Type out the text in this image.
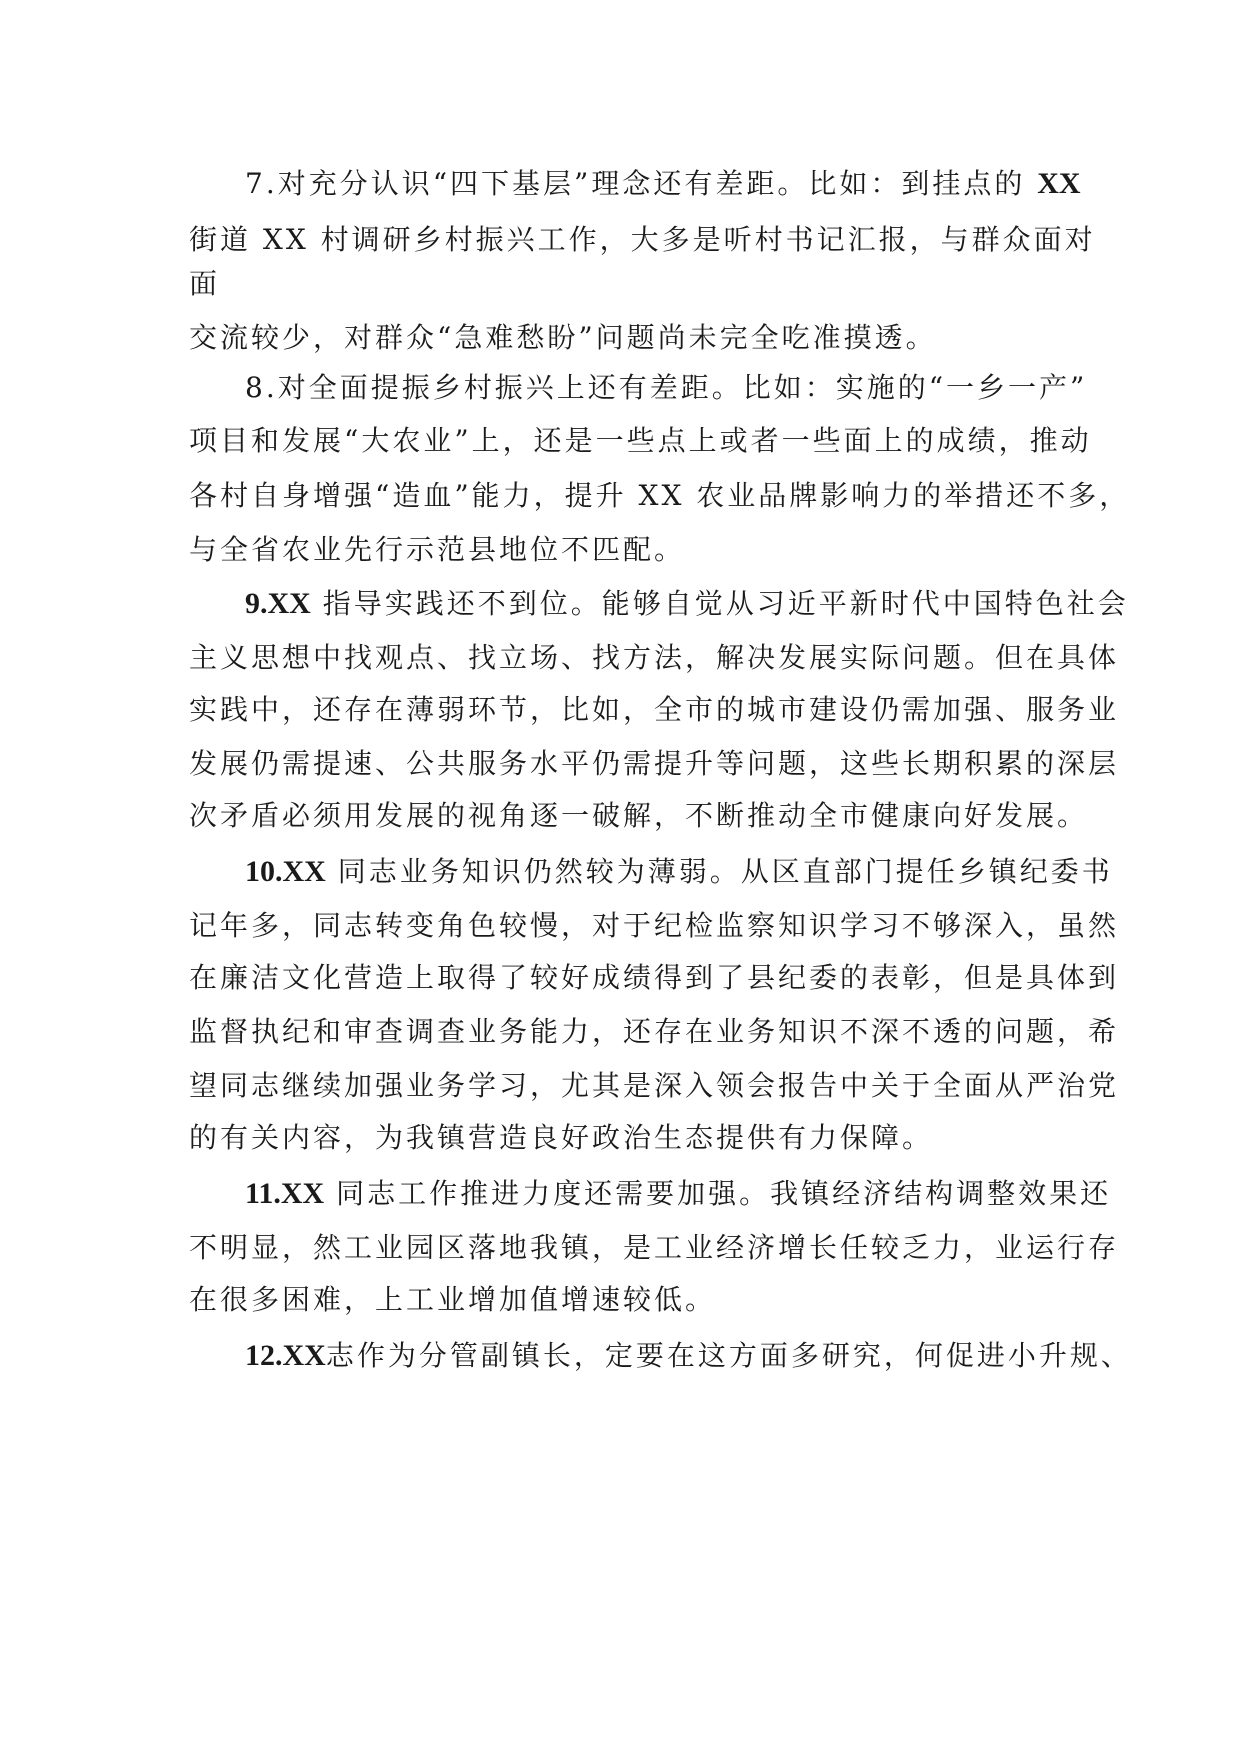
7.对充分认识“四下基层”理念还有差距。比如：到挂点的 XX
街道 XX 村调研乡村振兴工作，大多是听村书记汇报，与群众面对
面
交流较少，对群众“急难愁盼”问题尚未完全吃准摸透。
8.对全面提振乡村振兴上还有差距。比如：实施的“一乡一产”
项目和发展“大农业”上，还是一些点上或者一些面上的成绩，推动
各村自身增强“造血”能力，提升 XX 农业品牌影响力的举措还不多，
与全省农业先行示范县地位不匹配。
9.XX 指导实践还不到位。能够自觉从习近平新时代中国特色社会
主义思想中找观点、找立场、找方法，解决发展实际问题。但在具体
实践中，还存在薄弱环节，比如，全市的城市建设仍需加强、服务业
发展仍需提速、公共服务水平仍需提升等问题，这些长期积累的深层
次矛盾必须用发展的视角逐一破解，不断推动全市健康向好发展。
10.XX 同志业务知识仍然较为薄弱。从区直部门提任乡镇纪委书
记年多，同志转变角色较慢，对于纪检监察知识学习不够深入，虽然
在廉洁文化营造上取得了较好成绩得到了县纪委的表彰，但是具体到
监督执纪和审查调查业务能力，还存在业务知识不深不透的问题，希
望同志继续加强业务学习，尤其是深入领会报告中关于全面从严治党
的有关内容，为我镇营造良好政治生态提供有力保障。
11.XX 同志工作推进力度还需要加强。我镇经济结构调整效果还
不明显，然工业园区落地我镇，是工业经济增长任较乏力，业运行存
在很多困难，上工业增加值增速较低。
12.XX志作为分管副镇长，定要在这方面多研究，何促进小升规、
